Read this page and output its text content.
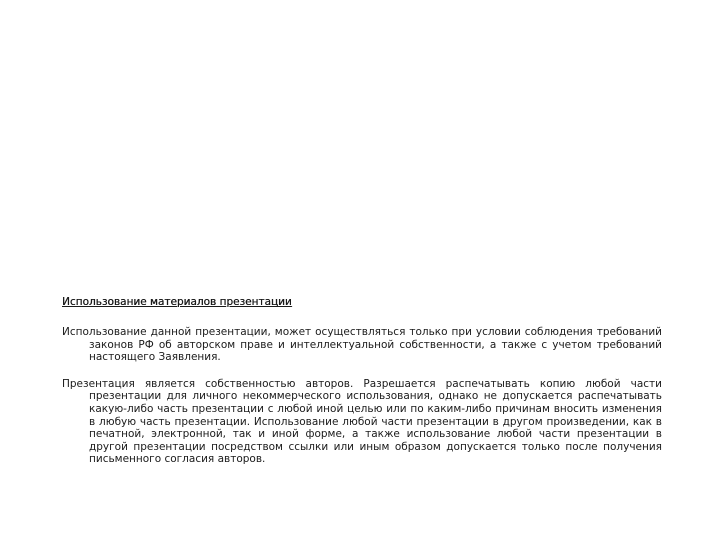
Использование материалов презентации

Использование данной презентации, может осуществляться только при условии соблюдения требований законов РФ об авторском праве и интеллектуальной собственности, а также с учетом требований настоящего Заявления.

Презентация является собственностью авторов. Разрешается распечатывать копию любой части презентации для личного некоммерческого использования, однако не допускается распечатывать какую-либо часть презентации с любой иной целью или по каким-либо причинам вносить изменения в любую часть презентации. Использование любой части презентации в другом произведении, как в печатной, электронной, так и иной форме, а также использование любой части презентации в другой презентации посредством ссылки или иным образом допускается только после получения письменного согласия авторов.
